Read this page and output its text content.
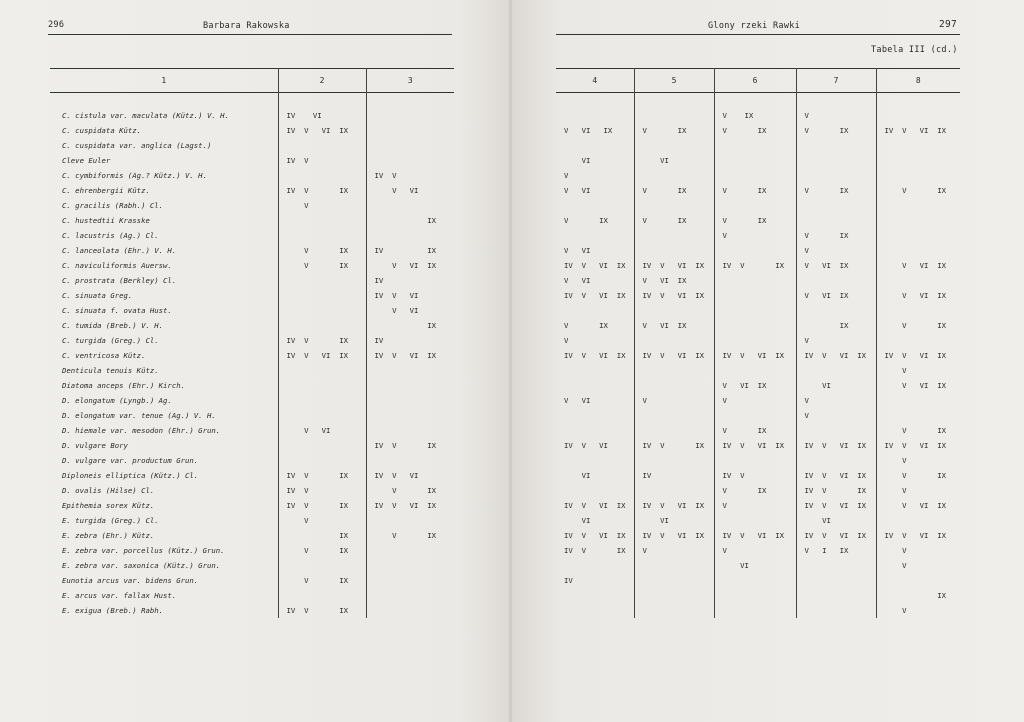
296	Barbara Rakowska
1	2	3

C. cistula var. maculata (Kütz.) V. H.	IV    VI	
C. cuspidata Kütz.	IV  V   VI  IX	
C. cuspidata var. anglica (Lagst.)		
Cleve Euler	IV  V	
C. cymbiformis (Ag.? Kütz.) V. H.		IV  V
C. ehrenbergii Kütz.	IV  V       IX	V   VI
C. gracilis (Rabh.) Cl.	V	
C. hustedtii Krasske		IX
C. lacustris (Ag.) Cl.		
C. lanceolata (Ehr.) V. H.	V       IX	IV          IX
C. naviculiformis Auersw.	V       IX	V   VI  IX
C. prostrata (Berkley) Cl.		IV
C. sinuata Greg.		IV  V   VI
C. sinuata f. ovata Hust.		V   VI
C. tumida (Breb.) V. H.		IX
C. turgida (Greg.) Cl.	IV  V       IX	IV
C. ventricosa Kütz.	IV  V   VI  IX	IV  V   VI  IX
Denticula tenuis Kütz.		
Diatoma anceps (Ehr.) Kirch.		
D. elongatum (Lyngb.) Ag.		
D. elongatum var. tenue (Ag.) V. H.		
D. hiemale var. mesodon (Ehr.) Grun.	V   VI	
D. vulgare Bory		IV  V       IX
D. vulgare var. productum Grun.		
Diploneis elliptica (Kütz.) Cl.	IV  V       IX	IV  V   VI
D. ovalis (Hilse) Cl.	IV  V	V       IX
Epithemia sorex Kütz.	IV  V       IX	IV  V   VI  IX
E. turgida (Greg.) Cl.	V	
E. zebra (Ehr.) Kütz.	IX	V       IX
E. zebra var. porcellus (Kütz.) Grun.	V       IX	
E. zebra var. saxonica (Kütz.) Grun.		
Eunotia arcus var. bidens Grun.	V       IX	
E. arcus var. fallax Hust.		
E. exigua (Breb.) Rabh.	IV  V       IX	
Glony rzeki Rawki	297
Tabela III (cd.)
4	5	6	7	8

		V    IX	V	
V   VI   IX	V       IX	V       IX	V       IX	IV  V   VI  IX

VI	VI			
V				
V   VI	V       IX	V       IX	V       IX	V       IX

V       IX	V       IX	V       IX		
		V	V       IX	
V   VI			V	
IV  V   VI  IX	IV  V   VI  IX	IV  V       IX	V   VI  IX	V   VI  IX
V   VI	V   VI  IX			
IV  V   VI  IX	IV  V   VI  IX		V   VI  IX	V   VI  IX

V       IX	V   VI  IX		IX	V       IX
V			V	
IV  V   VI  IX	IV  V   VI  IX	IV  V   VI  IX	IV  V   VI  IX	IV  V   VI  IX
				V
		V   VI  IX	VI	V   VI  IX
V   VI	V	V	V	
			V	
		V       IX		V       IX
IV  V   VI	IV  V       IX	IV  V   VI  IX	IV  V   VI  IX	IV  V   VI  IX
				V
VI	IV	IV  V	IV  V   VI  IX	V       IX
		V       IX	IV  V       IX	V
IV  V   VI  IX	IV  V   VI  IX	V	IV  V   VI  IX	V   VI  IX
VI	VI		VI	
IV  V   VI  IX	IV  V   VI  IX	IV  V   VI  IX	IV  V   VI  IX	IV  V   VI  IX
IV  V       IX	V	V	V   I   IX	V
		VI		V
IV				
				IX
				V
